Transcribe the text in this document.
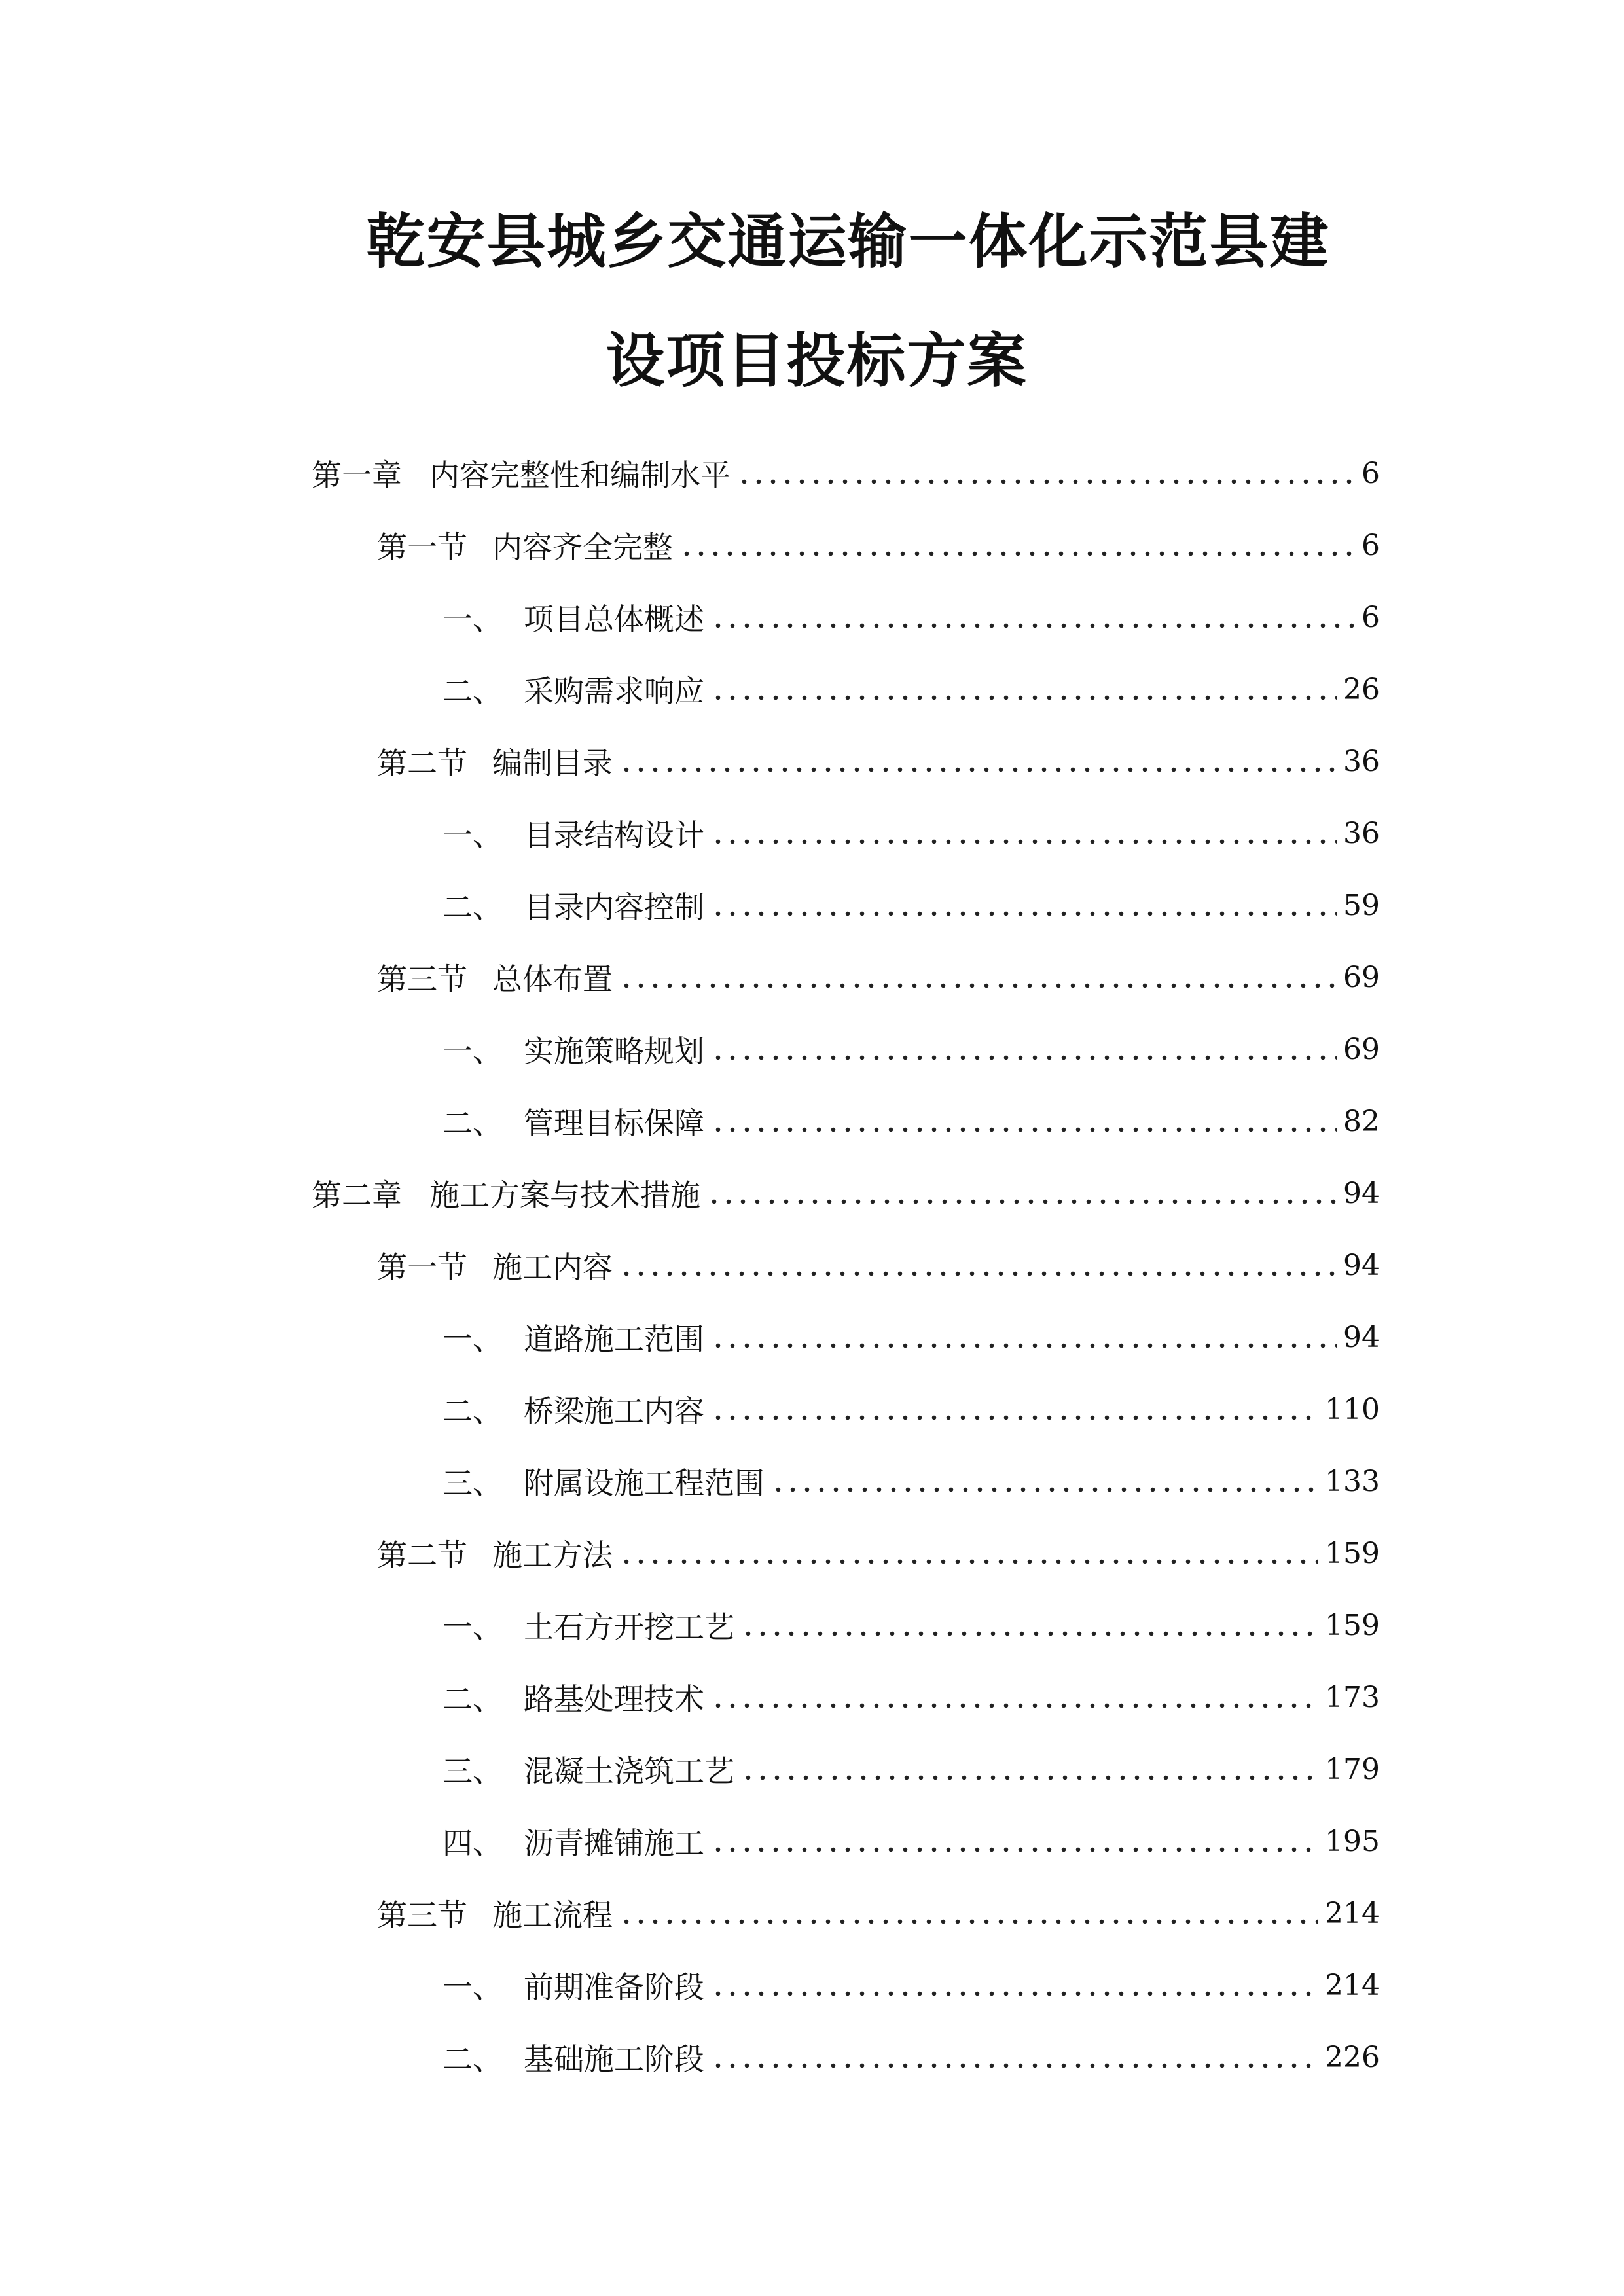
乾安县城乡交通运输一体化示范县建
设项目投标方案
第一章 内容完整性和编制水平	6
第一节 内容齐全完整	6
一、 项目总体概述	6
二、 采购需求响应	26
第二节 编制目录	36
一、 目录结构设计	36
二、 目录内容控制	59
第三节 总体布置	69
一、 实施策略规划	69
二、 管理目标保障	82
第二章 施工方案与技术措施	94
第一节 施工内容	94
一、 道路施工范围	94
二、 桥梁施工内容	110
三、 附属设施工程范围	133
第二节 施工方法	159
一、 土石方开挖工艺	159
二、 路基处理技术	173
三、 混凝土浇筑工艺	179
四、 沥青摊铺施工	195
第三节 施工流程	214
一、 前期准备阶段	214
二、 基础施工阶段	226
